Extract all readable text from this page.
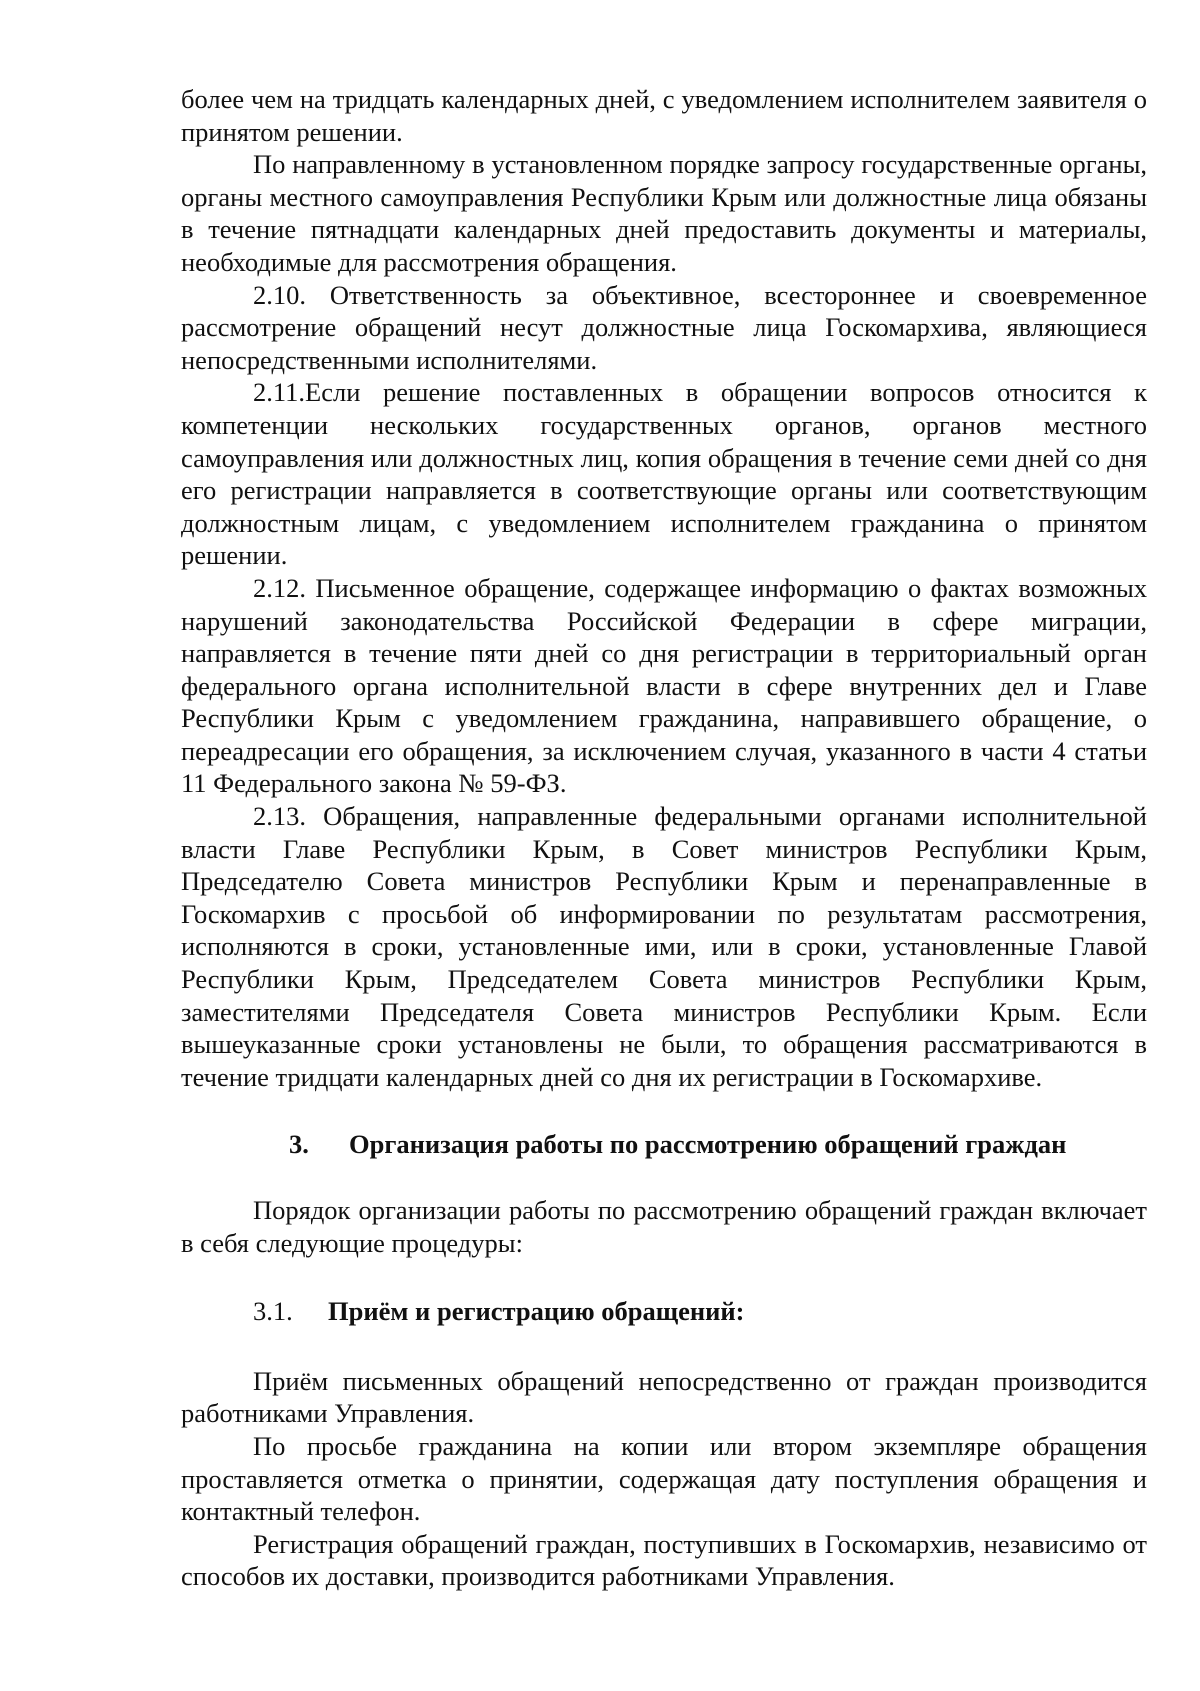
более чем на тридцать календарных дней, с уведомлением исполнителем заявителя о принятом решении.

По направленному в установленном порядке запросу государственные органы, органы местного самоуправления Республики Крым или должностные лица обязаны в течение пятнадцати календарных дней предоставить документы и материалы, необходимые для рассмотрения обращения.

2.10. Ответственность за объективное, всестороннее и своевременное рассмотрение обращений несут должностные лица Госкомархива, являющиеся непосредственными исполнителями.

2.11.Если решение поставленных в обращении вопросов относится к компетенции нескольких государственных органов, органов местного самоуправления или должностных лиц, копия обращения в течение семи дней со дня его регистрации направляется в соответствующие органы или соответствующим должностным лицам, с уведомлением исполнителем гражданина о принятом решении.

2.12. Письменное обращение, содержащее информацию о фактах возможных нарушений законодательства Российской Федерации в сфере миграции, направляется в течение пяти дней со дня регистрации в территориальный орган федерального органа исполнительной власти в сфере внутренних дел и Главе Республики Крым с уведомлением гражданина, направившего обращение, о переадресации его обращения, за исключением случая, указанного в части 4 статьи 11 Федерального закона № 59-ФЗ.

2.13. Обращения, направленные федеральными органами исполнительной власти Главе Республики Крым, в Совет министров Республики Крым, Председателю Совета министров Республики Крым и перенаправленные в Госкомархив с просьбой об информировании по результатам рассмотрения, исполняются в сроки, установленные ими, или в сроки, установленные Главой Республики Крым, Председателем Совета министров Республики Крым, заместителями Председателя Совета министров Республики Крым. Если вышеуказанные сроки установлены не были, то обращения рассматриваются в течение тридцати календарных дней со дня их регистрации в Госкомархиве.

3.	Организация работы по рассмотрению обращений граждан

Порядок организации работы по рассмотрению обращений граждан включает в себя следующие процедуры:

3.1.	Приём и регистрацию обращений:

Приём письменных обращений непосредственно от граждан производится работниками Управления.

По просьбе гражданина на копии или втором экземпляре обращения проставляется отметка о принятии, содержащая дату поступления обращения и контактный телефон.

Регистрация обращений граждан, поступивших в Госкомархив, независимо от способов их доставки, производится работниками Управления.
